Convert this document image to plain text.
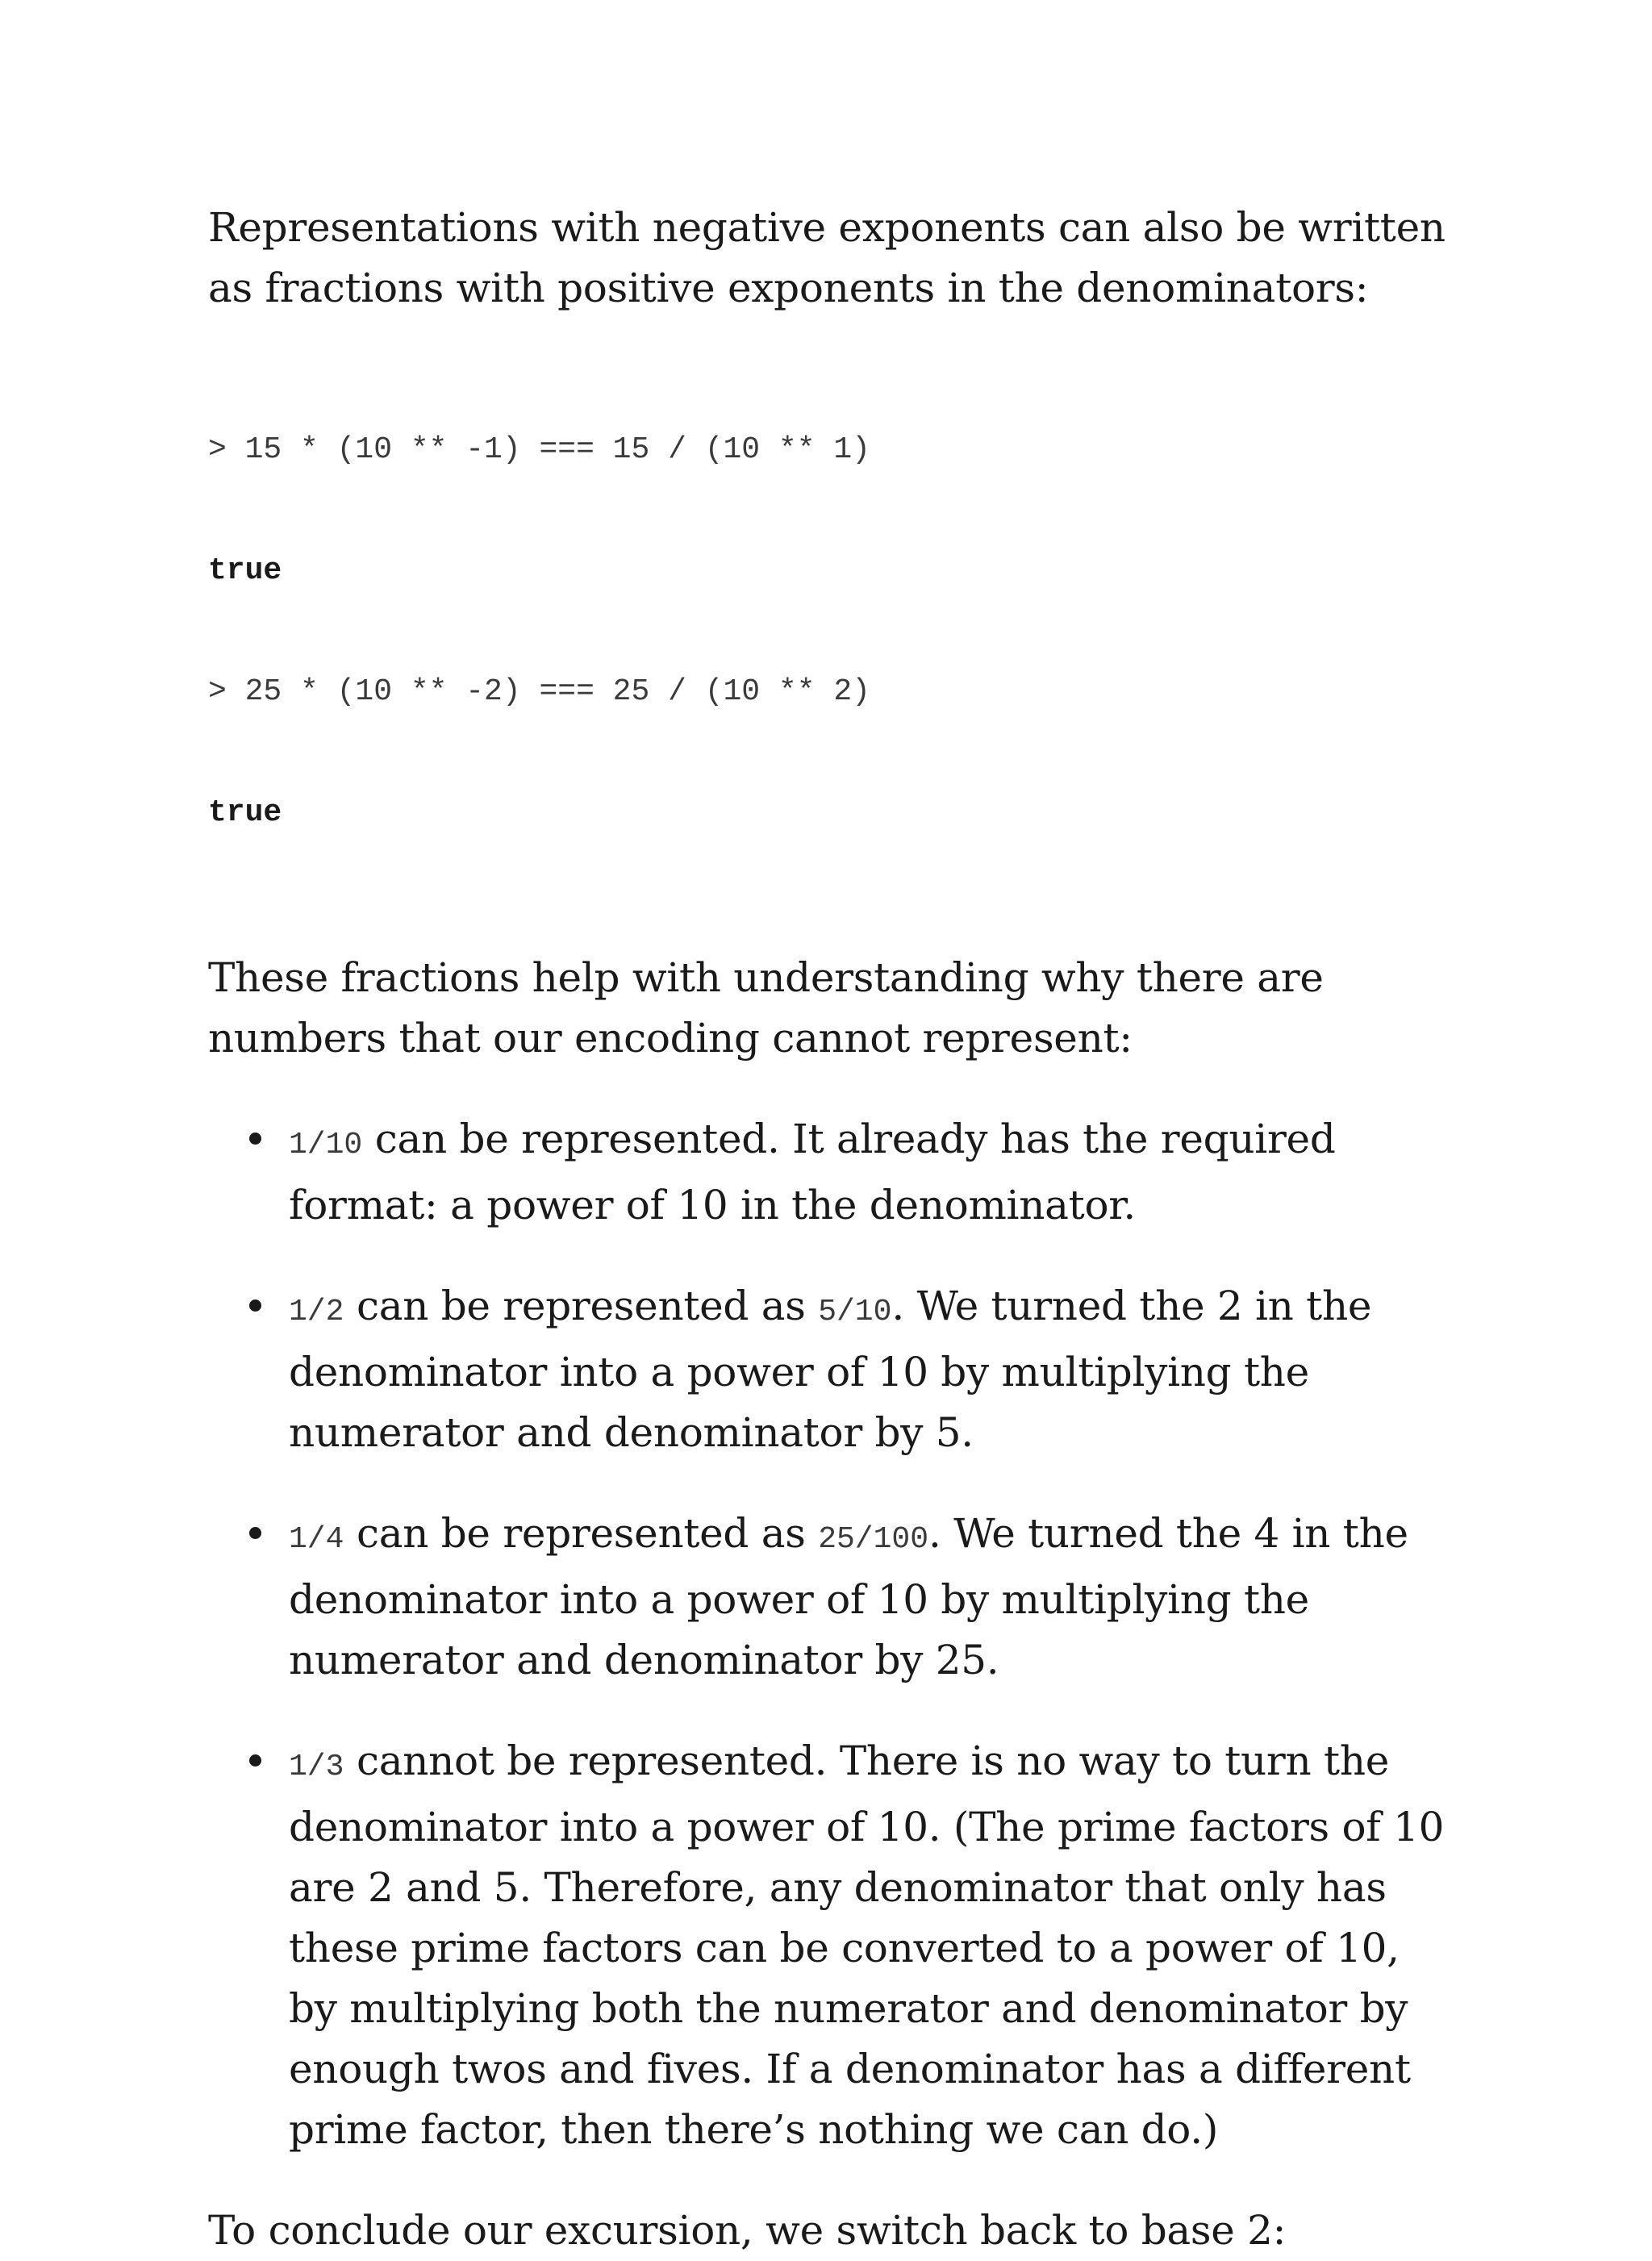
Representations with negative exponents can also be written as fractions with positive exponents in the denominators:

> 15 * (10 ** -1) === 15 / (10 ** 1)

true

> 25 * (10 ** -2) === 25 / (10 ** 2)

true

These fractions help with understanding why there are numbers that our encoding cannot represent:

1/10 can be represented. It already has the required format: a power of 10 in the denominator.
1/2 can be represented as 5/10. We turned the 2 in the denominator into a power of 10 by multiplying the numerator and denominator by 5.
1/4 can be represented as 25/100. We turned the 4 in the denominator into a power of 10 by multiplying the numerator and denominator by 25.
1/3 cannot be represented. There is no way to turn the denominator into a power of 10. (The prime factors of 10 are 2 and 5. Therefore, any denominator that only has these prime factors can be converted to a power of 10, by multiplying both the numerator and denominator by enough twos and fives. If a denominator has a different prime factor, then there’s nothing we can do.)

To conclude our excursion, we switch back to base 2:
